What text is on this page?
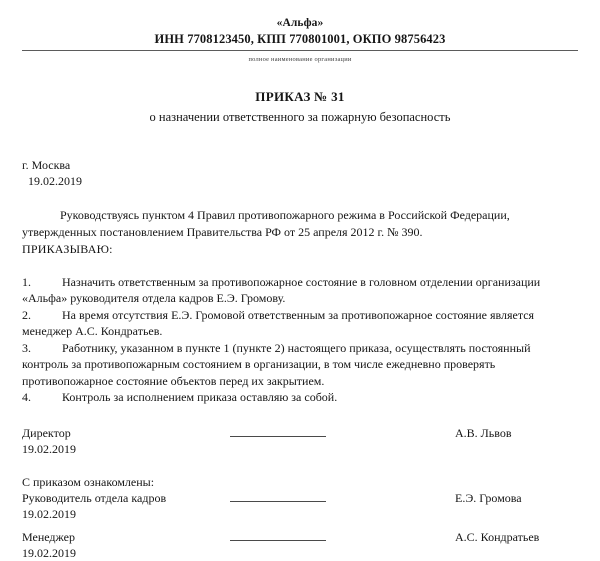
«Альфа»
ИНН 7708123450, КПП 770801001, ОКПО 98756423
полное наименование организации
ПРИКАЗ № 31
о назначении ответственного за пожарную безопасность
г. Москва
19.02.2019

Руководствуясь пунктом 4 Правил противопожарного режима в Российской Федерации, утвержденных постановлением Правительства РФ от 25 апреля 2012 г. № 390.

ПРИКАЗЫВАЮ:

1.	Назначить ответственным за противопожарное состояние в головном отделении организации «Альфа» руководителя отдела кадров Е.Э. Громову.

2.	На время отсутствия Е.Э. Громовой ответственным за противопожарное состояние является менеджер А.С. Кондратьев.

3.	Работнику, указанном в пункте 1 (пункте 2) настоящего приказа, осуществлять постоянный контроль за противопожарным состоянием в организации, в том числе ежедневно проверять противопожарное состояние объектов перед их закрытием.

4.	Контроль за исполнением приказа оставляю за собой.

Директор	А.В. Львов
19.02.2019
С приказом ознакомлены:
Руководитель отдела кадров	Е.Э. Громова
19.02.2019
Менеджер	А.С. Кондратьев
19.02.2019
